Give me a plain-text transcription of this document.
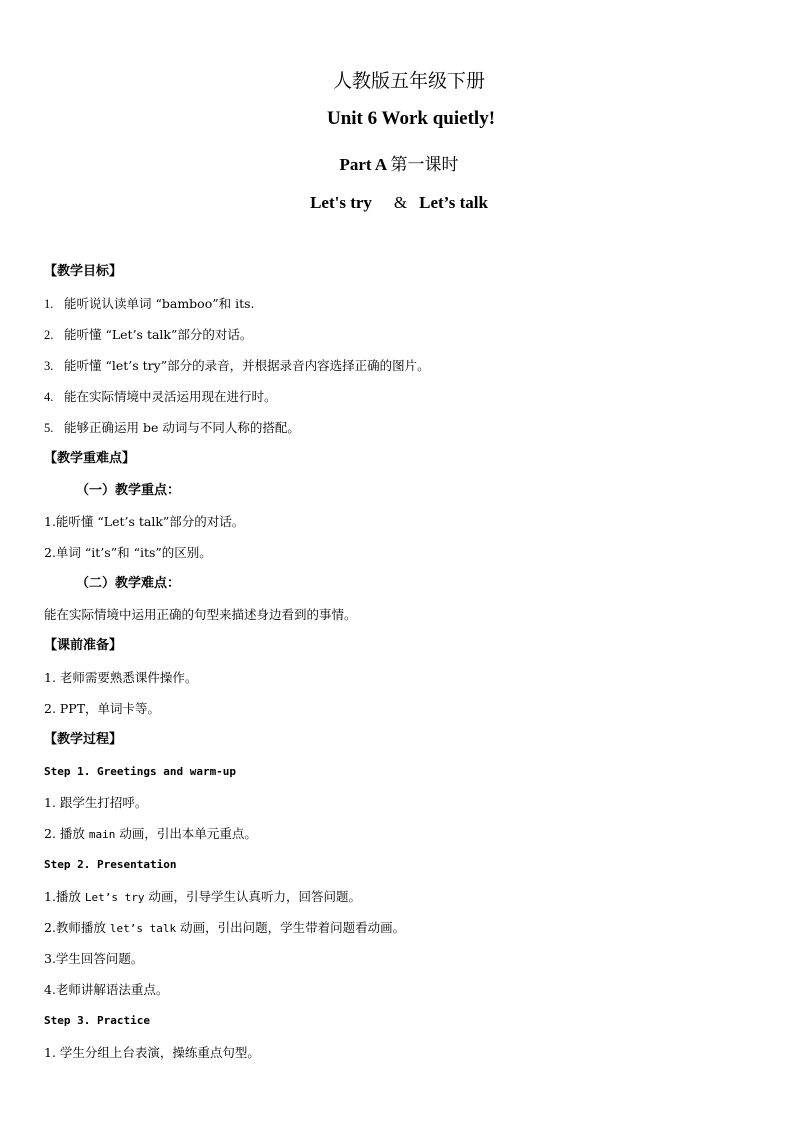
人教版五年级下册
Unit 6 Work quietly!
Part A 第一课时
Let's try & Let’s talk
【教学目标】
1. 能听说认读单词 “bamboo”和 its.
2. 能听懂 “Let’s talk”部分的对话。
3. 能听懂 “let’s try”部分的录音，并根据录音内容选择正确的图片。
4. 能在实际情境中灵活运用现在进行时。
5. 能够正确运用 be 动词与不同人称的搭配。
【教学重难点】
（一）教学重点：
1.能听懂 “Let’s talk”部分的对话。
2.单词 “it’s”和 “its”的区别。
（二）教学难点：
能在实际情境中运用正确的句型来描述身边看到的事情。
【课前准备】
1. 老师需要熟悉课件操作。
2. PPT，单词卡等。
【教学过程】
Step 1. Greetings and warm-up
1. 跟学生打招呼。
2. 播放 main 动画，引出本单元重点。
Step 2. Presentation
1.播放 Let’s try 动画，引导学生认真听力，回答问题。
2.教师播放 let’s talk 动画，引出问题，学生带着问题看动画。
3.学生回答问题。
4.老师讲解语法重点。
Step 3. Practice
1. 学生分组上台表演，操练重点句型。
